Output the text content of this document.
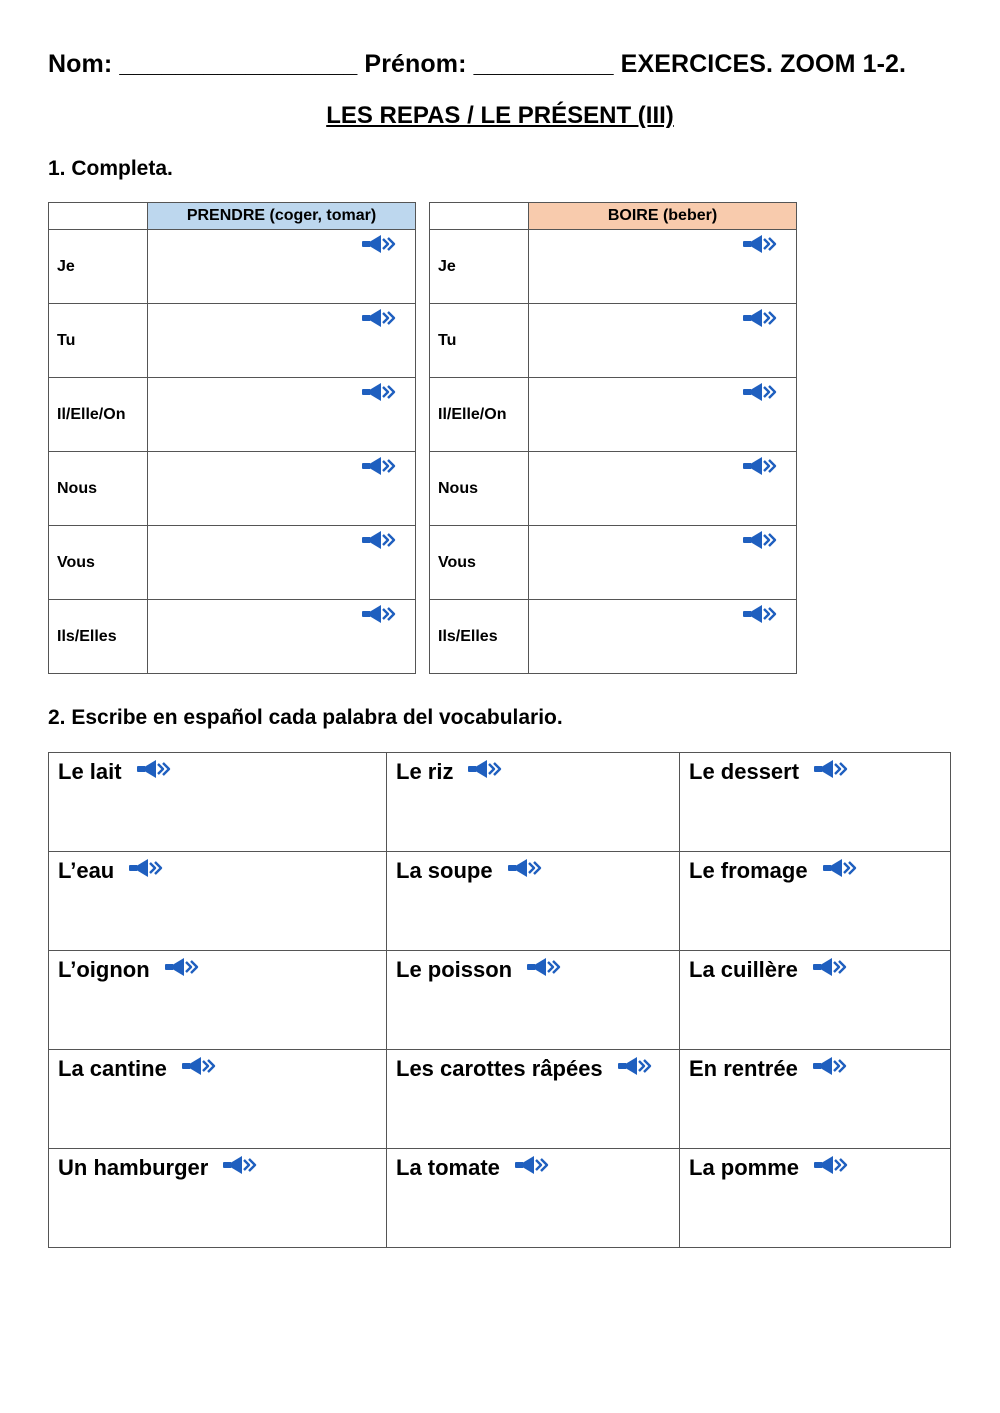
Nom: _________________ Prénom: __________ EXERCICES. ZOOM 1-2.
LES REPAS / LE PRÉSENT (III)
1. Completa.
	PRENDRE (coger, tomar)
Je	

Tu	

Il/Elle/On	

Nous	

Vous	

Ils/Elles	
	BOIRE (beber)
Je	

Tu	

Il/Elle/On	

Nous	

Vous	

Ils/Elles	
2. Escribe en español cada palabra del vocabulario.
Le lait	Le riz	Le dessert

L’eau	La soupe	Le fromage

L’oignon	Le poisson	La cuillère

La cantine	Les carottes râpées	En rentrée

Un hamburger	La tomate	La pomme
